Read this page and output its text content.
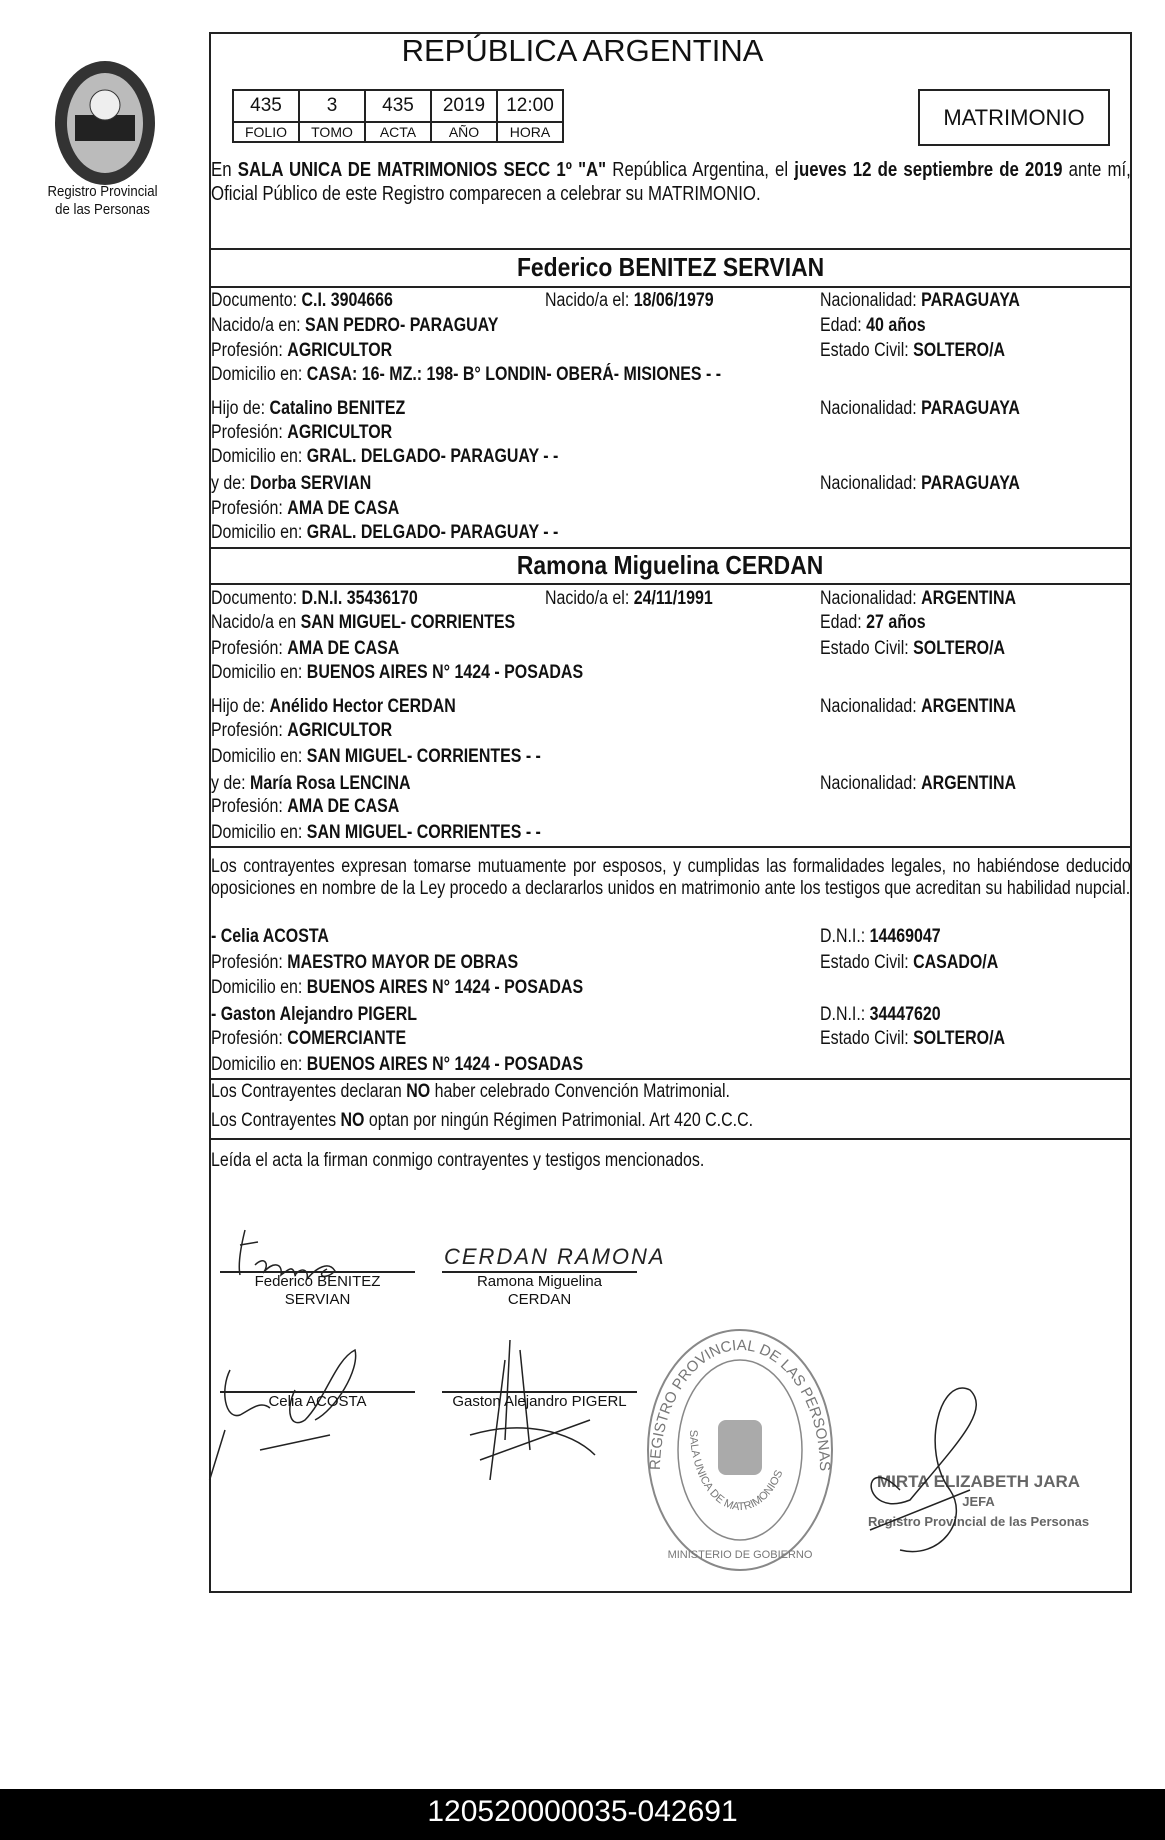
Registro Provincial
de las Personas
REPÚBLICA ARGENTINA
435	3	435	2019	12:00
FOLIO	TOMO	ACTA	AÑO	HORA
MATRIMONIO
En SALA UNICA DE MATRIMONIOS SECC 1º "A" República Argentina, el jueves 12 de septiembre de 2019 ante mí, Oficial Público de este Registro comparecen a celebrar su MATRIMONIO.
Federico BENITEZ SERVIAN
Documento: C.I. 3904666	Nacido/a el: 18/06/1979	Nacionalidad: PARAGUAYA
Nacido/a en: SAN PEDRO- PARAGUAY	Edad: 40 años
Profesión: AGRICULTOR	Estado Civil: SOLTERO/A
Domicilio en: CASA: 16- MZ.: 198- B° LONDIN- OBERÁ- MISIONES - -
Hijo de: Catalino BENITEZ	Nacionalidad: PARAGUAYA
Profesión: AGRICULTOR
Domicilio en: GRAL. DELGADO- PARAGUAY - -
y de: Dorba SERVIAN	Nacionalidad: PARAGUAYA
Profesión: AMA DE CASA
Domicilio en: GRAL. DELGADO- PARAGUAY - -
Ramona Miguelina CERDAN
Documento: D.N.I. 35436170	Nacido/a el: 24/11/1991	Nacionalidad: ARGENTINA
Nacido/a en SAN MIGUEL- CORRIENTES	Edad: 27 años
Profesión: AMA DE CASA	Estado Civil: SOLTERO/A
Domicilio en: BUENOS AIRES N° 1424 - POSADAS
Hijo de: Anélido Hector CERDAN	Nacionalidad: ARGENTINA
Profesión: AGRICULTOR
Domicilio en: SAN MIGUEL- CORRIENTES - -
y de: María Rosa LENCINA	Nacionalidad: ARGENTINA
Profesión: AMA DE CASA
Domicilio en: SAN MIGUEL- CORRIENTES - -
Los contrayentes expresan tomarse mutuamente por esposos, y cumplidas las formalidades legales, no habiéndose deducido oposiciones en nombre de la Ley procedo a declararlos unidos en matrimonio ante los testigos que acreditan su habilidad nupcial.
- Celia ACOSTA	D.N.I.: 14469047
Profesión: MAESTRO MAYOR DE OBRAS	Estado Civil: CASADO/A
Domicilio en: BUENOS AIRES N° 1424 - POSADAS
- Gaston Alejandro PIGERL	D.N.I.: 34447620
Profesión: COMERCIANTE	Estado Civil: SOLTERO/A
Domicilio en: BUENOS AIRES N° 1424 - POSADAS
Los Contrayentes declaran NO haber celebrado Convención Matrimonial.
Los Contrayentes NO optan por ningún Régimen Patrimonial. Art 420 C.C.C.
Leída el acta la firman conmigo contrayentes y testigos mencionados.
CERDAN RAMONA
Federico BENITEZ
SERVIAN
Ramona Miguelina
CERDAN
Celia ACOSTA	Gaston Alejandro PIGERL
REGISTRO PROVINCIAL DE LAS PERSONAS
SALA UNICA DE MATRIMONIOS
MINISTERIO DE GOBIERNO
MIRTA ELIZABETH JARA
JEFA
Registro Provincial de las Personas
120520000035-042691
